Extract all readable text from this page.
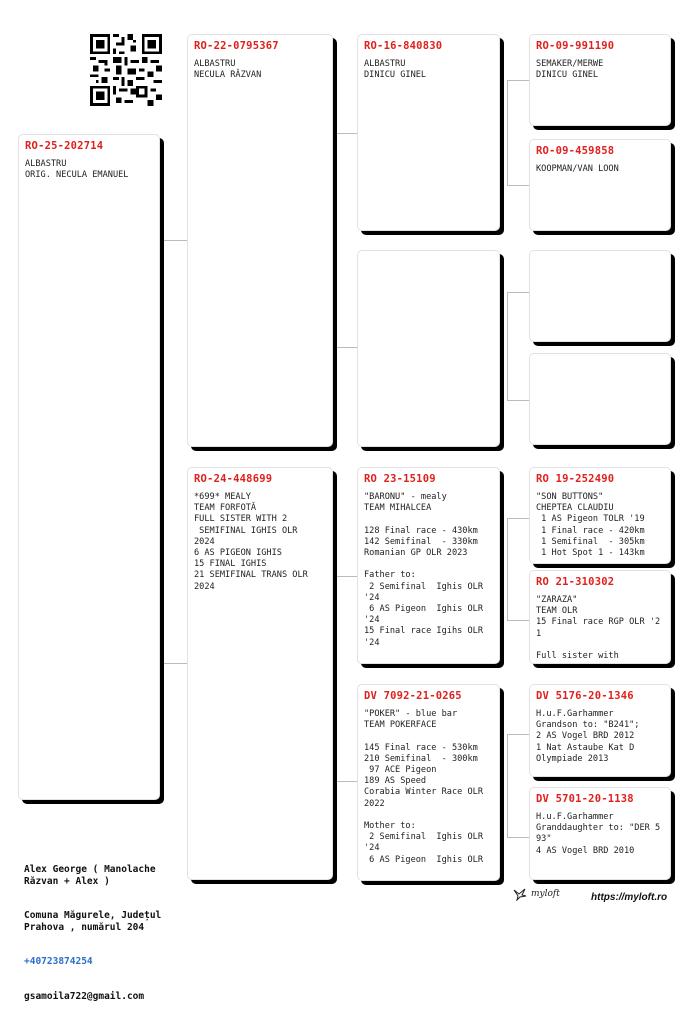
RO-25-202714
ALBASTRU
ORIG. NECULA EMANUEL
RO-22-0795367
ALBASTRU
NECULA RĂZVAN
RO-24-448699
*699* MEALY
TEAM FORFOTĂ
FULL SISTER WITH 2
SEMIFINAL IGHIS OLR
2024
6 AS PIGEON IGHIS
15 FINAL IGHIS
21 SEMIFINAL TRANS OLR
2024
RO-16-840830
ALBASTRU
DINICU GINEL
RO 23-15109
"BARONU" - mealy
TEAM MIHALCEA

128 Final race - 430km
142 Semifinal  - 330km
Romanian GP OLR 2023

Father to:
2 Semifinal  Ighis OLR
'24
6 AS Pigeon  Ighis OLR
'24
15 Final race Igihs OLR
'24
DV 7092-21-0265
"POKER" - blue bar
TEAM POKERFACE

145 Final race - 530km
210 Semifinal  - 300km
97 ACE Pigeon
189 AS Speed
Corabia Winter Race OLR
2022

Mother to:
2 Semifinal  Ighis OLR
'24
6 AS Pigeon  Ighis OLR
RO-09-991190
SEMAKER/MERWE
DINICU GINEL
RO-09-459858
KOOPMAN/VAN LOON
RO 19-252490
"SON BUTTONS"
CHEPTEA CLAUDIU
1 AS Pigeon TOLR '19
1 Final race - 420km
1 Semifinal  - 305km
1 Hot Spot 1 - 143km
RO 21-310302
"ZARAZA"
TEAM OLR
15 Final race RGP OLR '2
1

Full sister with
DV 5176-20-1346
H.u.F.Garhammer
Grandson to: "B241";
2 AS Vogel BRD 2012
1 Nat Astaube Kat D
Olympiade 2013
DV 5701-20-1138
H.u.F.Garhammer
Granddaughter to: "DER 5
93"
4 AS Vogel BRD 2010

Alex George ( Manolache
Răzvan + Alex )

Comuna Măgurele, Județul
Prahova , numărul 204

+40723874254

gsamoila722@gmail.com

myloft	https://myloft.ro
